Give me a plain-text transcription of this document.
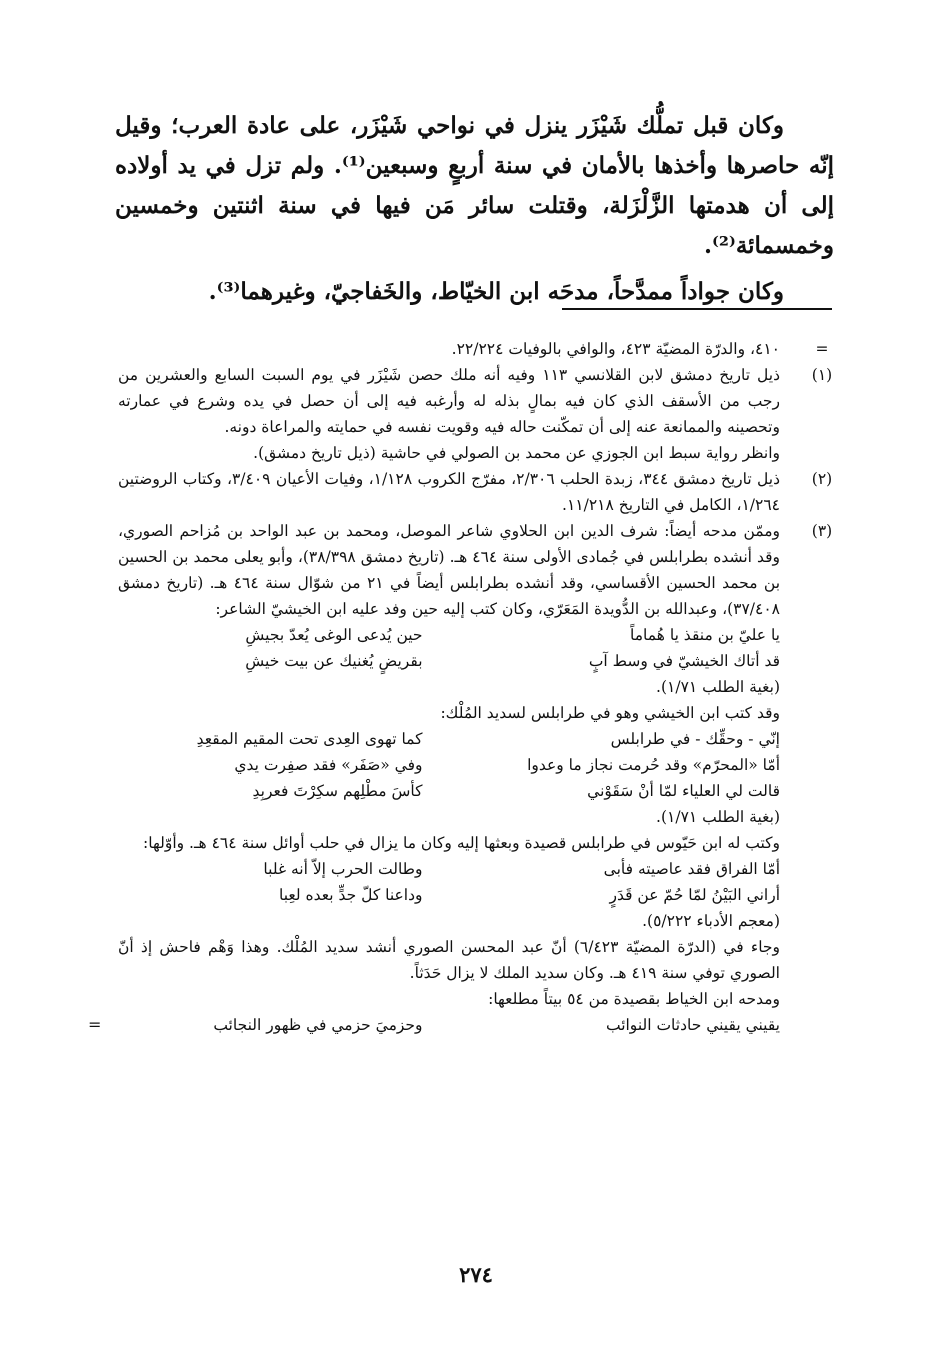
وكان قبل تملُّك شَيْزَر ينزل في نواحي شَيْزَر، على عادة العرب؛ وقيل إنّه حاصرها وأخذها بالأمان في سنة أربعٍ وسبعين⁽¹⁾. ولم تزل في يد أولاده إلى أن هدمتها الزَّلْزَلة، وقتلت سائر مَن فيها في سنة اثنتين وخمسين وخمسمائة⁽²⁾.

وكان جواداً ممدَّحاً، مدحَه ابن الخيّاط، والخَفاجيّ، وغيرهما⁽³⁾.

=
٤١٠، والدرّة المضيّة ٤٢٣، والوافي بالوفيات ٢٢/٢٢٤.
(١)
ذيل تاريخ دمشق لابن القلانسي ١١٣ وفيه أنه ملك حصن شَيْزَر في يوم السبت السابع والعشرين من رجب من الأسقف الذي كان فيه بمالٍ بذله له وأرغبه فيه إلى أن حصل في يده وشرع في عمارته وتحصينه والممانعة عنه إلى أن تمكّنت حاله فيه وقويت نفسه في حمايته والمراعاة دونه.
وانظر رواية سبط ابن الجوزي عن محمد بن الصولي في حاشية (ذيل تاريخ دمشق).
(٢)
ذيل تاريخ دمشق ٣٤٤، زبدة الحلب ٢/٣٠٦، مفرّج الكروب ١/١٢٨، وفيات الأعيان ٣/٤٠٩، وكتاب الروضتين ١/٢٦٤، الكامل في التاريخ ١١/٢١٨.
(٣)
وممّن مدحه أيضاً: شرف الدين ابن الحلاوي شاعر الموصل، ومحمد بن عبد الواحد بن مُزاحم الصوري، وقد أنشده بطرابلس في جُمادى الأولى سنة ٤٦٤ هـ. (تاريخ دمشق ٣٨/٣٩٨)، وأبو يعلى محمد بن الحسين بن محمد الحسين الأقساسي، وقد أنشده بطرابلس أيضاً في ٢١ من شوّال سنة ٤٦٤ هـ. (تاريخ دمشق ٣٧/٤٠٨)، وعبدالله بن الدُّويدة المَعَرّي، وكان كتب إليه حين وفد عليه ابن الخيشيّ الشاعر:
يا عليّ بن منقذ يا هُماماً
حين يُدعى الوغى يُعدّ بجيشِ
قد أتاك الخيشيّ في وسط آبٍ
بقريضٍ يُغنيك عن بيت خيشِ
(بغية الطلب ١/٧١).
وقد كتب ابن الخيشي وهو في طرابلس لسديد المُلْك:
إنّي - وحقِّك - في طرابلس
كما تهوى العِدى تحت المقيم المقعِدِ
أمّا «المحرّم» وقد حُرمت نجاز ما وعدوا
وفي «صَفَر» فقد صفِرت يدي
قالت لي العلياء لمّا أنْ سَقَوْني
كأسَ مطْلِهم سكِرْتَ فعربِدِ
(بغية الطلب ١/٧١).
وكتب له ابن حَيّوس في طرابلس قصيدة وبعثها إليه وكان ما يزال في حلب أوائل سنة ٤٦٤ هـ. وأوّلها:
أمّا الفراق فقد عاصيته فأبى
وطالت الحرب إلاّ أنه غلبا
أراني البَيْنُ لمّا حُمّ عن قَدَرٍ
وداعنا كلّ جدٍّ بعده لعِبا
(معجم الأدباء ٥/٢٢٢).
وجاء في (الدرّة المضيّة ٦/٤٢٣) أنّ عبد المحسن الصوري أنشد سديد المُلْك. وهذا وَهْم فاحش إذ أنّ الصوري توفي سنة ٤١٩ هـ. وكان سديد الملك لا يزال حَدَثاً.
ومدحه ابن الخياط بقصيدة من ٥٤ بيتاً مطلعها:
يقيني يقيني حادثات النوائب
وحزميَ حزمي في ظهور النجائب
=
٢٧٤
